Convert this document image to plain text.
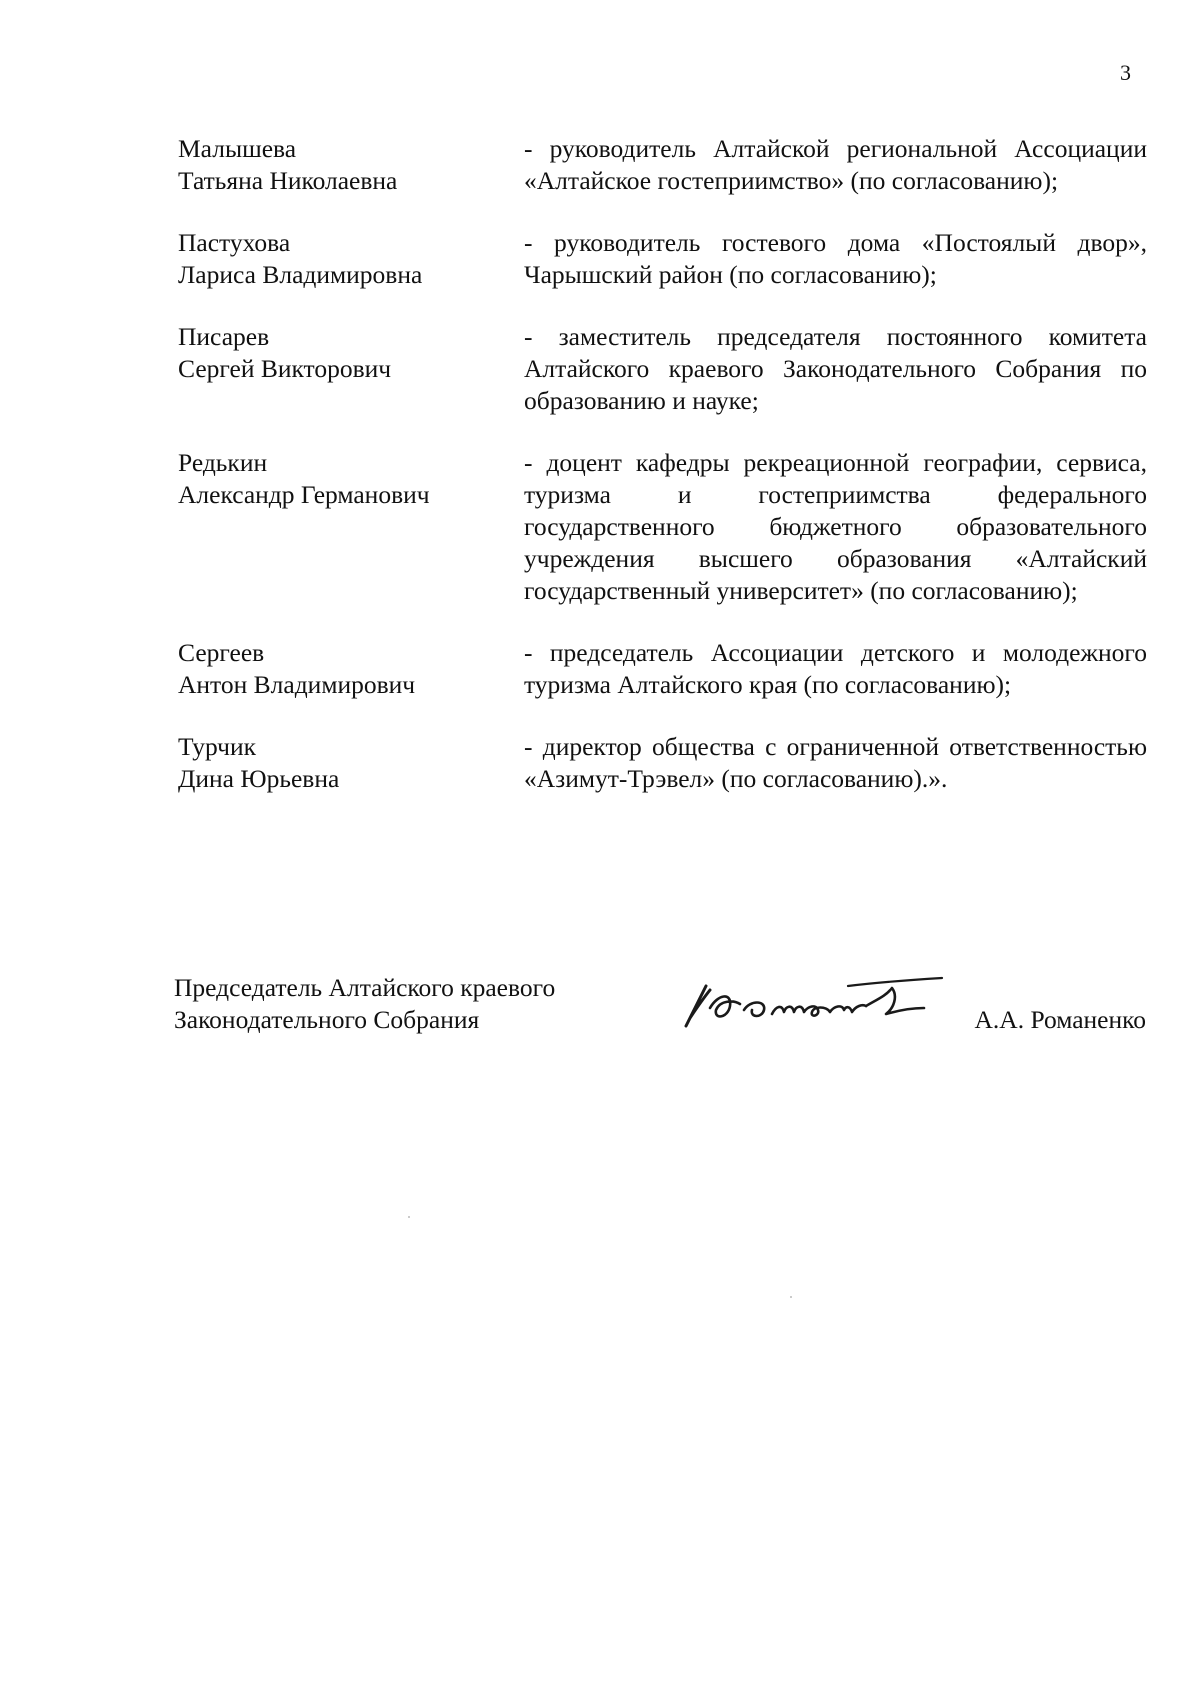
3
Малышева
Татьяна Николаевна
- руководитель Алтайской региональной Ассоциации «Алтайское гостеприимство» (по согласованию);
Пастухова
Лариса Владимировна
- руководитель гостевого дома «Постоялый двор», Чарышский район (по согласованию);
Писарев
Сергей Викторович
- заместитель председателя постоянного комитета Алтайского краевого Законодательного Собрания по образованию и науке;
Редькин
Александр Германович
- доцент кафедры рекреационной географии, сервиса, туризма и гостеприимства федерального государственного бюджетного образовательного учреждения высшего образования «Алтайский государственный университет» (по согласованию);
Сергеев
Антон Владимирович
- председатель Ассоциации детского и молодежного туризма Алтайского края (по согласованию);
Турчик
Дина Юрьевна
- директор общества с ограниченной ответственностью «Азимут-Трэвел» (по согласованию).».
Председатель Алтайского краевого
Законодательного Собрания	А.А. Романенко
